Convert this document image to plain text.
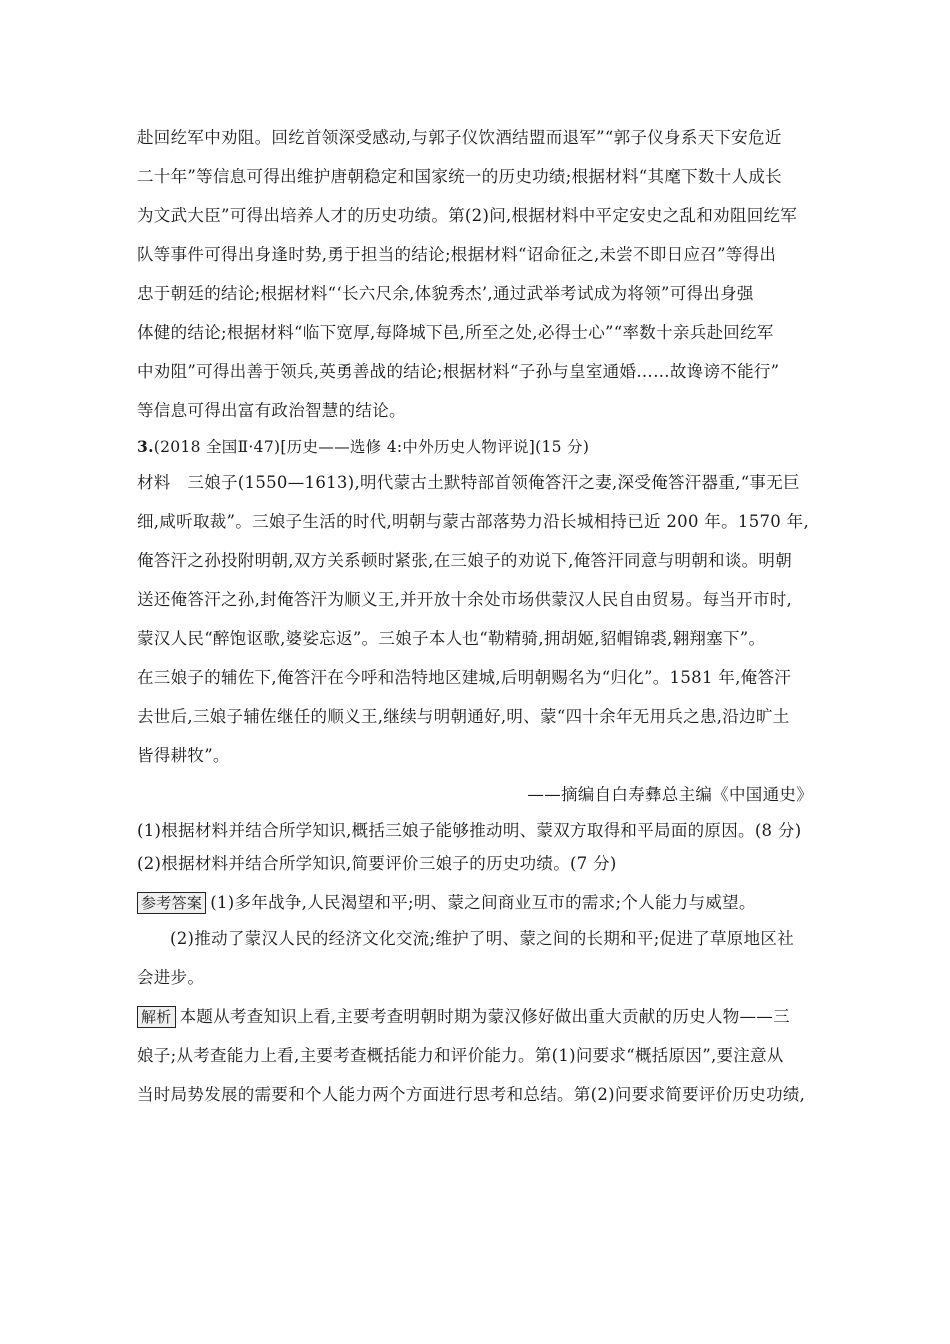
赴回纥军中劝阻。回纥首领深受感动,与郭子仪饮酒结盟而退军”“郭子仪身系天下安危近
二十年”等信息可得出维护唐朝稳定和国家统一的历史功绩;根据材料“其麾下数十人成长
为文武大臣”可得出培养人才的历史功绩。第(2)问,根据材料中平定安史之乱和劝阻回纥军
队等事件可得出身逢时势,勇于担当的结论;根据材料“诏命征之,未尝不即日应召”等得出
忠于朝廷的结论;根据材料“‘长六尺余,体貌秀杰’,通过武举考试成为将领”可得出身强
体健的结论;根据材料“临下宽厚,每降城下邑,所至之处,必得士心”“率数十亲兵赴回纥军
中劝阻”可得出善于领兵,英勇善战的结论;根据材料“子孙与皇室通婚……故谗谤不能行”
等信息可得出富有政治智慧的结论。
3.(2018 全国Ⅱ·47)[历史——选修 4:中外历史人物评说](15 分)
材料　三娘子(1550—1613),明代蒙古土默特部首领俺答汗之妻,深受俺答汗器重,“事无巨
细,咸听取裁”。三娘子生活的时代,明朝与蒙古部落势力沿长城相持已近 200 年。1570 年,
俺答汗之孙投附明朝,双方关系顿时紧张,在三娘子的劝说下,俺答汗同意与明朝和谈。明朝
送还俺答汗之孙,封俺答汗为顺义王,并开放十余处市场供蒙汉人民自由贸易。每当开市时,
蒙汉人民“醉饱讴歌,婆娑忘返”。三娘子本人也“勒精骑,拥胡姬,貂帽锦裘,翱翔塞下”。
在三娘子的辅佐下,俺答汗在今呼和浩特地区建城,后明朝赐名为“归化”。1581 年,俺答汗
去世后,三娘子辅佐继任的顺义王,继续与明朝通好,明、蒙“四十余年无用兵之患,沿边旷土
皆得耕牧”。
——摘编自白寿彝总主编《中国通史》
(1)根据材料并结合所学知识,概括三娘子能够推动明、蒙双方取得和平局面的原因。(8 分)
(2)根据材料并结合所学知识,简要评价三娘子的历史功绩。(7 分)
参考答案 (1)多年战争,人民渴望和平;明、蒙之间商业互市的需求;个人能力与威望。
(2)推动了蒙汉人民的经济文化交流;维护了明、蒙之间的长期和平;促进了草原地区社
会进步。
解析 本题从考查知识上看,主要考查明朝时期为蒙汉修好做出重大贡献的历史人物——三
娘子;从考查能力上看,主要考查概括能力和评价能力。第(1)问要求“概括原因”,要注意从
当时局势发展的需要和个人能力两个方面进行思考和总结。第(2)问要求简要评价历史功绩,
